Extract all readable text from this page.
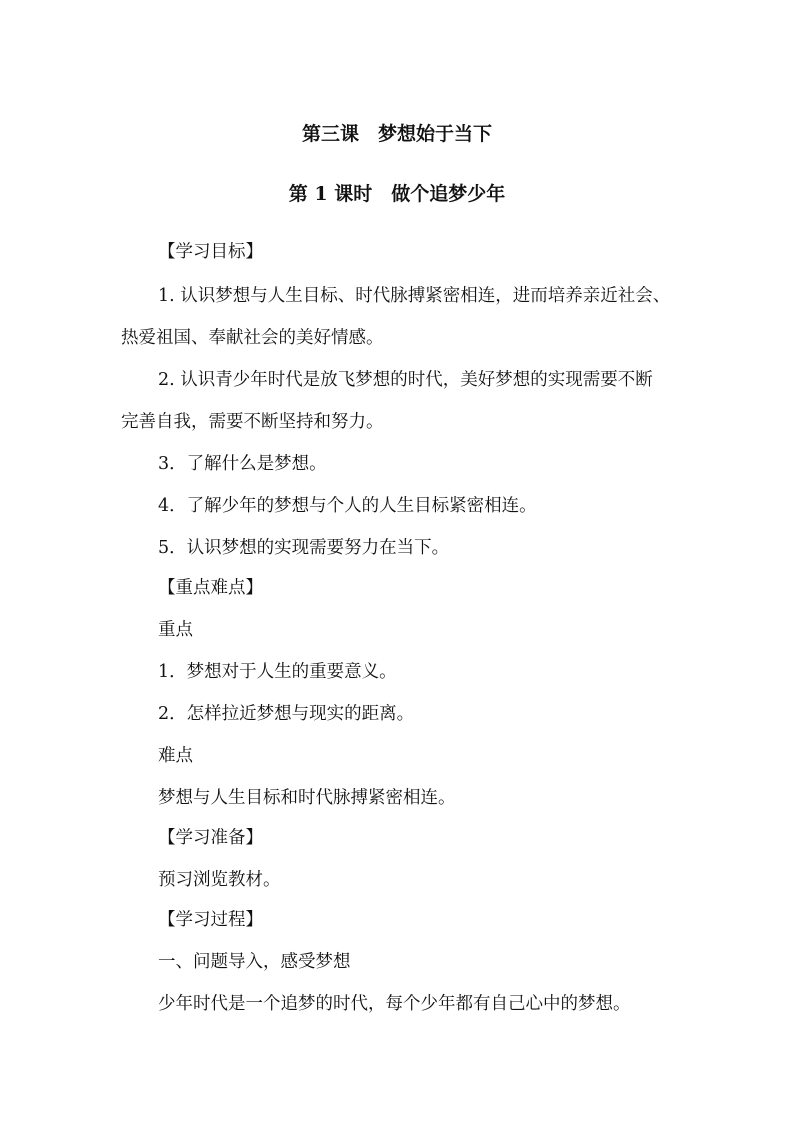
第三课　梦想始于当下
第 1 课时　做个追梦少年
【学习目标】
1. 认识梦想与人生目标、时代脉搏紧密相连，进而培养亲近社会、
热爱祖国、奉献社会的美好情感。
2. 认识青少年时代是放飞梦想的时代，美好梦想的实现需要不断
完善自我，需要不断坚持和努力。
3．了解什么是梦想。
4．了解少年的梦想与个人的人生目标紧密相连。
5．认识梦想的实现需要努力在当下。
【重点难点】
重点
1．梦想对于人生的重要意义。
2．怎样拉近梦想与现实的距离。
难点
梦想与人生目标和时代脉搏紧密相连。
【学习准备】
预习浏览教材。
【学习过程】
一、问题导入，感受梦想
少年时代是一个追梦的时代，每个少年都有自己心中的梦想。
